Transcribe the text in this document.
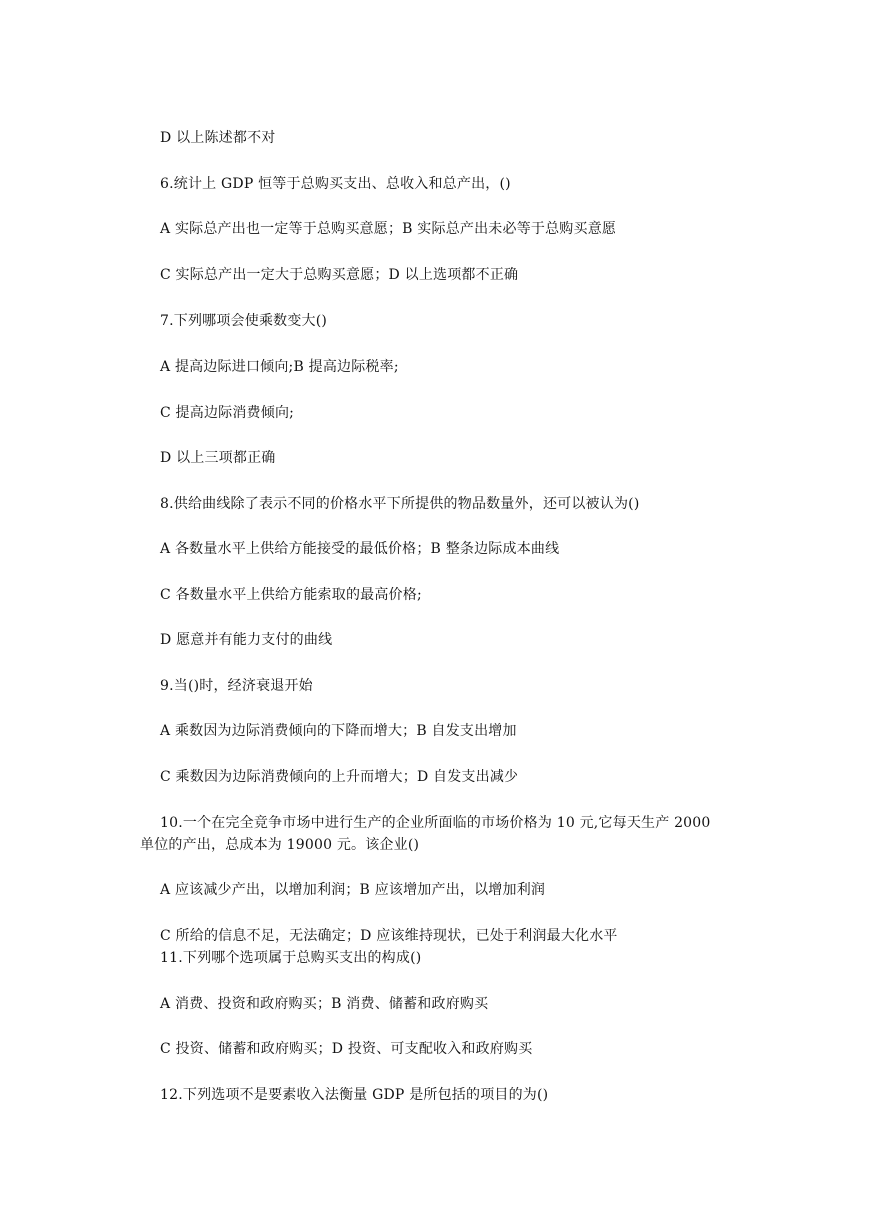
D 以上陈述都不对
6.统计上 GDP 恒等于总购买支出、总收入和总产出，()
A 实际总产出也一定等于总购买意愿；B 实际总产出未必等于总购买意愿
C 实际总产出一定大于总购买意愿；D 以上选项都不正确
7.下列哪项会使乘数变大()
A 提高边际进口倾向;B 提高边际税率;
C 提高边际消费倾向;
D 以上三项都正确
8.供给曲线除了表示不同的价格水平下所提供的物品数量外，还可以被认为()
A 各数量水平上供给方能接受的最低价格；B 整条边际成本曲线
C 各数量水平上供给方能索取的最高价格;
D 愿意并有能力支付的曲线
9.当()时，经济衰退开始
A 乘数因为边际消费倾向的下降而增大；B 自发支出增加
C 乘数因为边际消费倾向的上升而增大；D 自发支出减少
10.一个在完全竞争市场中进行生产的企业所面临的市场价格为 10 元,它每天生产 2000
单位的产出，总成本为 19000 元。该企业()
A 应该减少产出，以增加利润；B 应该增加产出，以增加利润
C 所给的信息不足，无法确定；D 应该维持现状，已处于利润最大化水平
11.下列哪个选项属于总购买支出的构成()
A 消费、投资和政府购买；B 消费、储蓄和政府购买
C 投资、储蓄和政府购买；D 投资、可支配收入和政府购买
12.下列选项不是要素收入法衡量 GDP 是所包括的项目的为()
